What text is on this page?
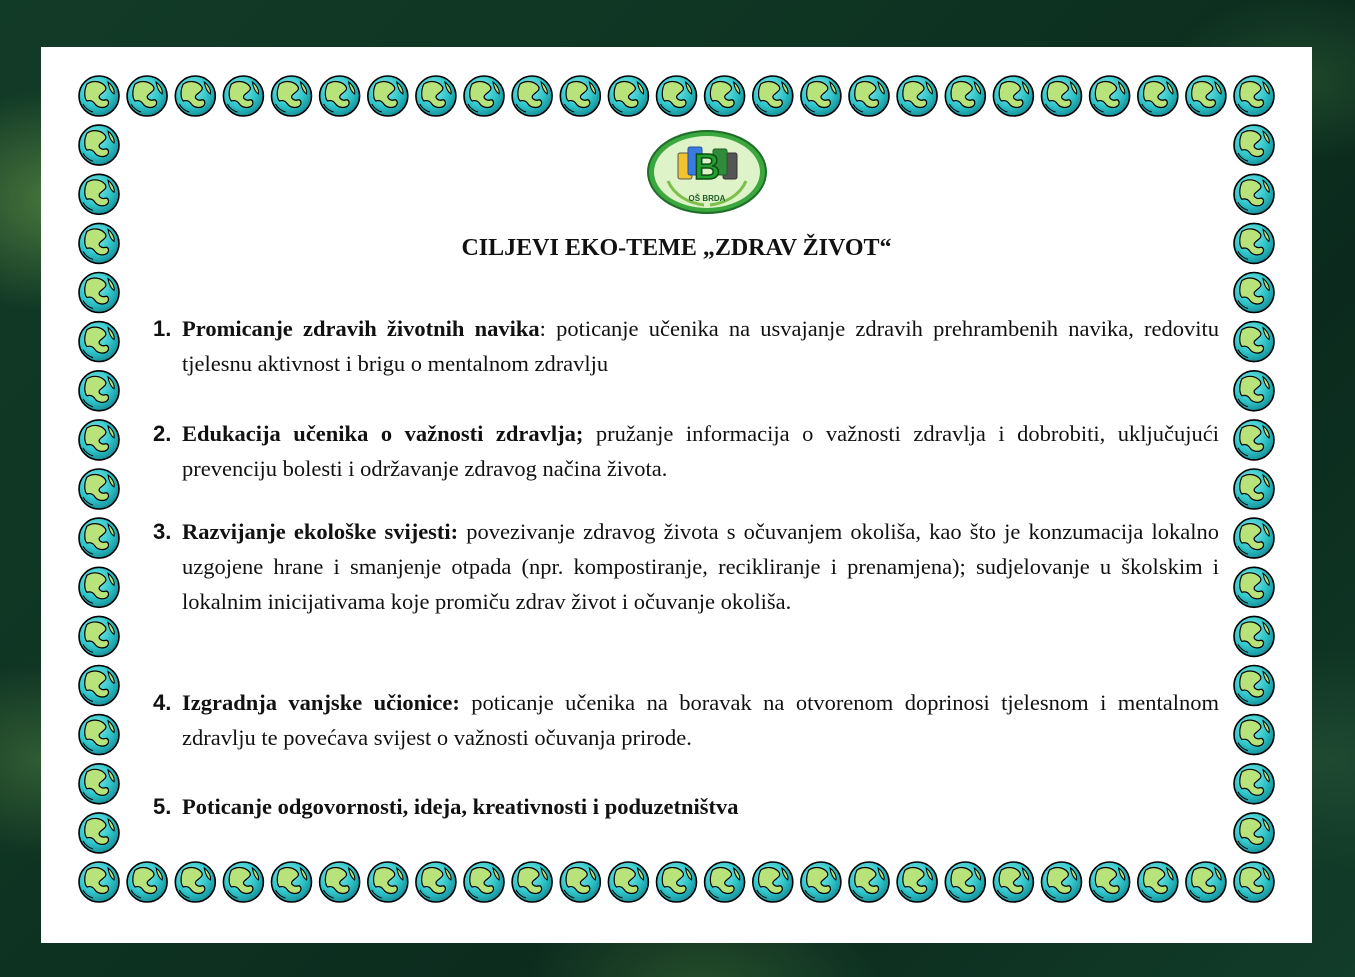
B
OŠ BRDA
CILJEVI EKO-TEME „ZDRAV ŽIVOT“
1. Promicanje zdravih životnih navika: poticanje učenika na usvajanje zdravih prehrambenih navika, redovitu tjelesnu aktivnost i brigu o mentalnom zdravlju
2. Edukacija učenika o važnosti zdravlja; pružanje informacija o važnosti zdravlja i dobrobiti, uključujući prevenciju bolesti i održavanje zdravog načina života.
3. Razvijanje ekološke svijesti: povezivanje zdravog života s očuvanjem okoliša, kao što je konzumacija lokalno uzgojene hrane i smanjenje otpada (npr. kompostiranje, recikliranje i prenamjena); sudjelovanje u školskim i lokalnim inicijativama koje promiču zdrav život i očuvanje okoliša.
4. Izgradnja vanjske učionice: poticanje učenika na boravak na otvorenom doprinosi tjelesnom i mentalnom zdravlju te povećava svijest o važnosti očuvanja prirode.
5. Poticanje odgovornosti, ideja, kreativnosti i poduzetništva
